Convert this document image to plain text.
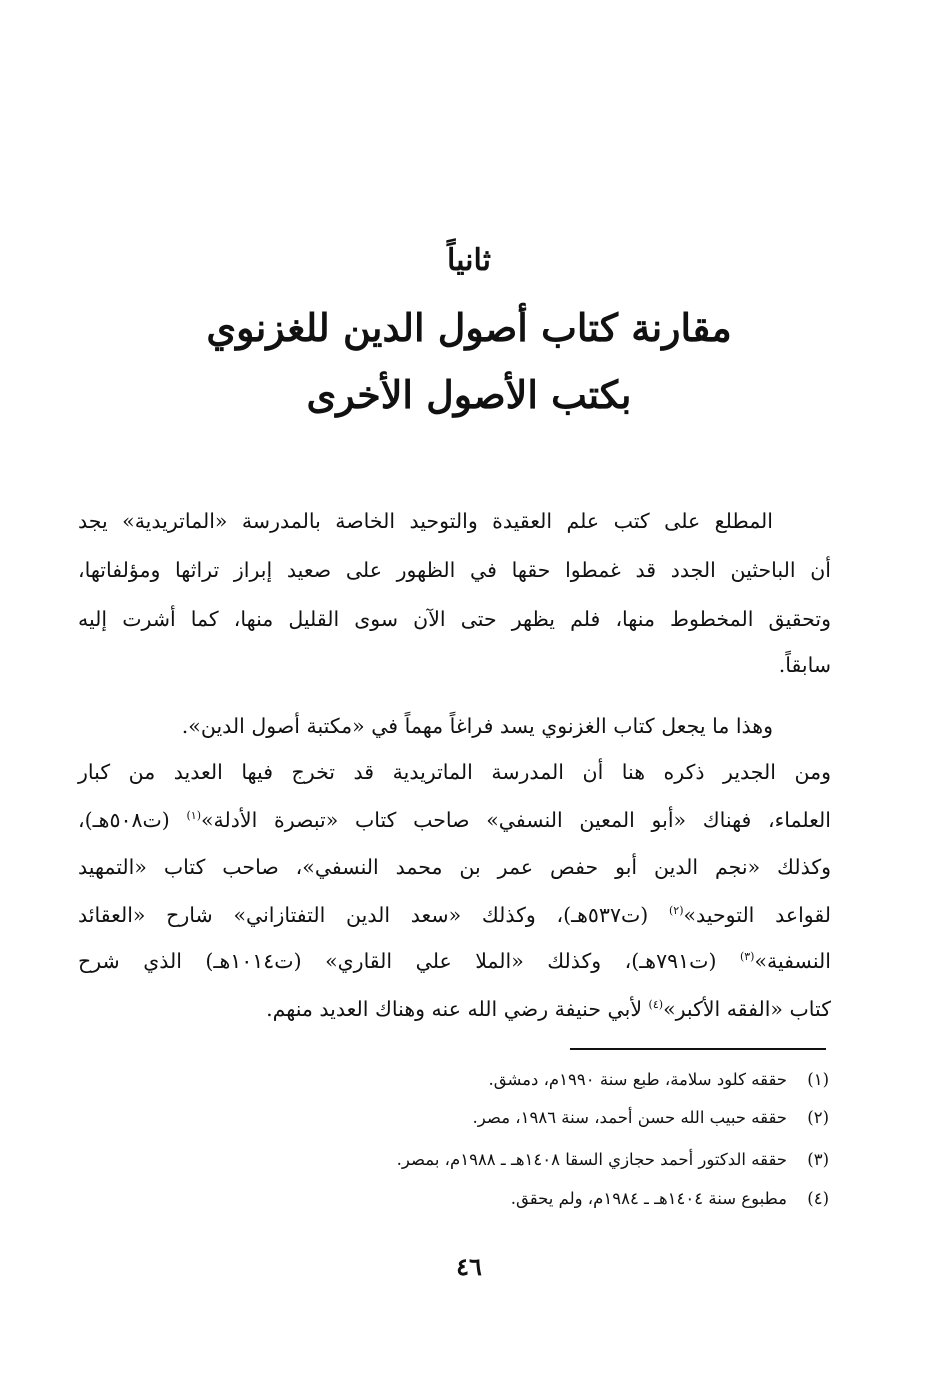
ثانياً
مقارنة كتاب أصول الدين للغزنوي
بكتب الأصول الأخرى
المطلع على كتب علم العقيدة والتوحيد الخاصة بالمدرسة «الماتريدية» يجد
أن الباحثين الجدد قد غمطوا حقها في الظهور على صعيد إبراز تراثها ومؤلفاتها،
وتحقيق المخطوط منها، فلم يظهر حتى الآن سوى القليل منها، كما أشرت إليه
سابقاً.
وهذا ما يجعل كتاب الغزنوي يسد فراغاً مهماً في «مكتبة أصول الدين».
ومن الجدير ذكره هنا أن المدرسة الماتريدية قد تخرج فيها العديد من كبار
العلماء، فهناك «أبو المعين النسفي» صاحب كتاب «تبصرة الأدلة»$^{(١)}$ (ت٥٠٨هـ)،
وكذلك «نجم الدين أبو حفص عمر بن محمد النسفي»، صاحب كتاب «التمهيد
لقواعد التوحيد»$^{(٢)}$ (ت٥٣٧هـ)، وكذلك «سعد الدين التفتازاني» شارح «العقائد
النسفية»$^{(٣)}$ (ت٧٩١هـ)، وكذلك «الملا علي القاري» (ت١٠١٤هـ) الذي شرح
كتاب «الفقه الأكبر»$^{(٤)}$ لأبي حنيفة رضي الله عنه وهناك العديد منهم.
(١)
حققه كلود سلامة، طبع سنة ١٩٩٠م، دمشق.
(٢)
حققه حبيب الله حسن أحمد، سنة ١٩٨٦، مصر.
(٣)
حققه الدكتور أحمد حجازي السقا ١٤٠٨هـ ـ ١٩٨٨م، بمصر.
(٤)
مطبوع سنة ١٤٠٤هـ ـ ١٩٨٤م، ولم يحقق.
٤٦
